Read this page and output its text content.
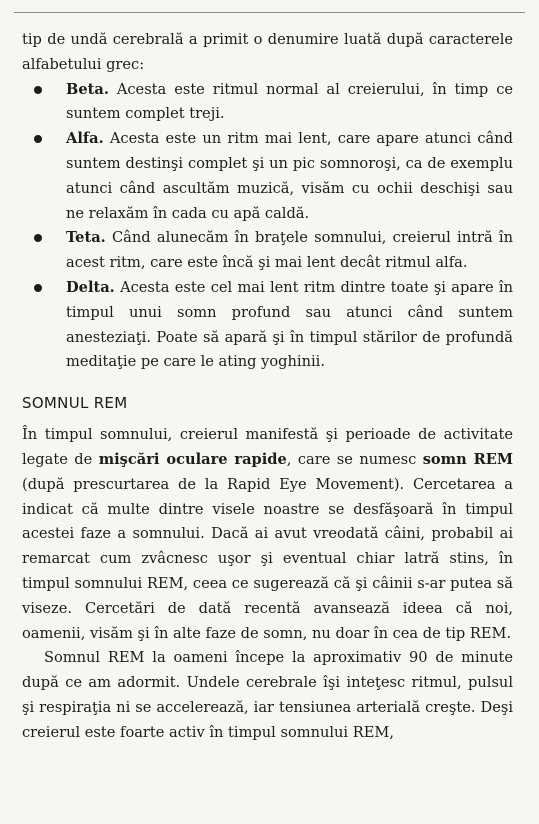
tip de undă cerebrală a primit o denumire luată după caracterele alfabetului grec:

Beta. Acesta este ritmul normal al creierului, în timp ce suntem complet treji.
Alfa. Acesta este un ritm mai lent, care apare atunci când suntem destinşi complet şi un pic somnoroşi, ca de exemplu atunci când ascultăm muzică, visăm cu ochii deschişi sau ne relaxăm în cada cu apă caldă.
Teta. Când alunecăm în braţele somnului, creierul intră în acest ritm, care este încă şi mai lent decât ritmul alfa.
Delta. Acesta este cel mai lent ritm dintre toate şi apare în timpul unui somn profund sau atunci când suntem anesteziaţi. Poate să apară şi în timpul stărilor de profundă meditaţie pe care le ating yoghinii.
SOMNUL REM

În timpul somnului, creierul manifestă şi perioade de activitate legate de mişcări oculare rapide, care se numesc somn REM (după prescurtarea de la Rapid Eye Movement). Cercetarea a indicat că multe dintre visele noastre se desfăşoară în timpul acestei faze a somnului. Dacă ai avut vreodată câini, probabil ai remarcat cum zvâcnesc uşor şi eventual chiar latră stins, în timpul somnului REM, ceea ce sugerează că şi câinii s-ar putea să viseze. Cercetări de dată recentă avansează ideea că noi, oamenii, visăm şi în alte faze de somn, nu doar în cea de tip REM.

Somnul REM la oameni începe la aproximativ 90 de minute după ce am adormit. Undele cerebrale îşi inteţesc ritmul, pulsul şi respiraţia ni se accelerează, iar tensiunea arterială creşte. Deşi creierul este foarte activ în timpul somnului REM,
